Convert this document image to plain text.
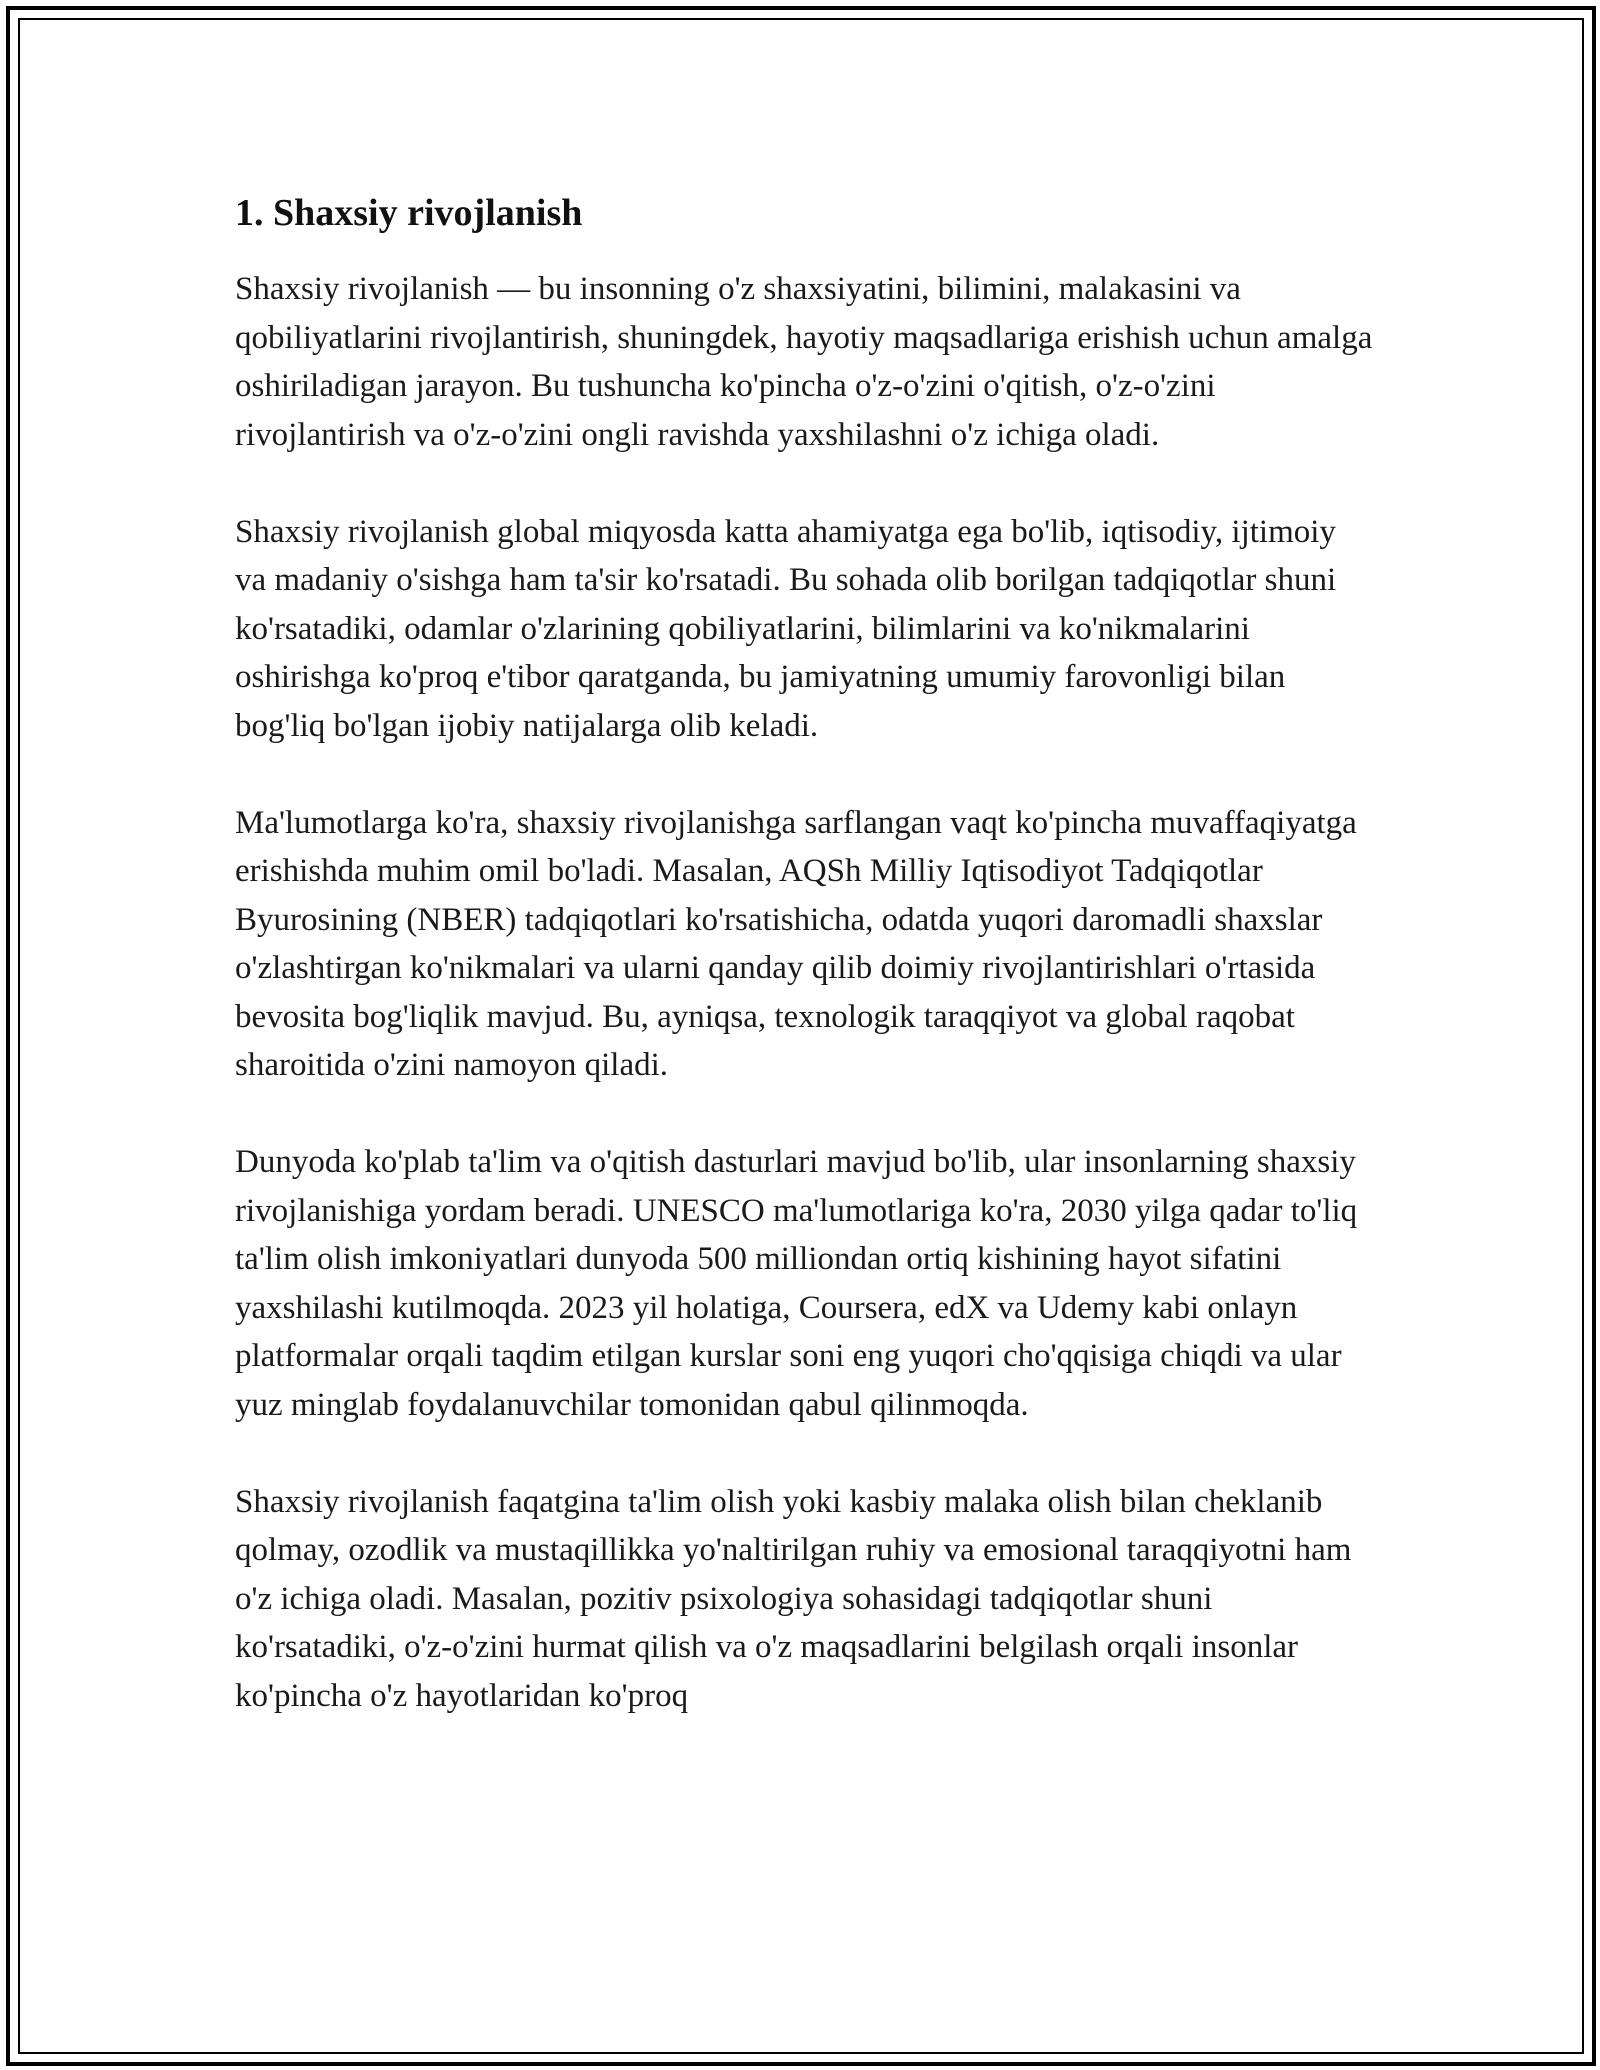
1. Shaxsiy rivojlanish

Shaxsiy rivojlanish — bu insonning o'z shaxsiyatini, bilimini, malakasini va qobiliyatlarini rivojlantirish, shuningdek, hayotiy maqsadlariga erishish uchun amalga oshiriladigan jarayon. Bu tushuncha ko'pincha o'z-o'zini o'qitish, o'z-o'zini rivojlantirish va o'z-o'zini ongli ravishda yaxshilashni o'z ichiga oladi.

Shaxsiy rivojlanish global miqyosda katta ahamiyatga ega bo'lib, iqtisodiy, ijtimoiy va madaniy o'sishga ham ta'sir ko'rsatadi. Bu sohada olib borilgan tadqiqotlar shuni ko'rsatadiki, odamlar o'zlarining qobiliyatlarini, bilimlarini va ko'nikmalarini oshirishga ko'proq e'tibor qaratganda, bu jamiyatning umumiy farovonligi bilan bog'liq bo'lgan ijobiy natijalarga olib keladi.

Ma'lumotlarga ko'ra, shaxsiy rivojlanishga sarflangan vaqt ko'pincha muvaffaqiyatga erishishda muhim omil bo'ladi. Masalan, AQSh Milliy Iqtisodiyot Tadqiqotlar Byurosining (NBER) tadqiqotlari ko'rsatishicha, odatda yuqori daromadli shaxslar o'zlashtirgan ko'nikmalari va ularni qanday qilib doimiy rivojlantirishlari o'rtasida bevosita bog'liqlik mavjud. Bu, ayniqsa, texnologik taraqqiyot va global raqobat sharoitida o'zini namoyon qiladi.

Dunyoda ko'plab ta'lim va o'qitish dasturlari mavjud bo'lib, ular insonlarning shaxsiy rivojlanishiga yordam beradi. UNESCO ma'lumotlariga ko'ra, 2030 yilga qadar to'liq ta'lim olish imkoniyatlari dunyoda 500 milliondan ortiq kishining hayot sifatini yaxshilashi kutilmoqda. 2023 yil holatiga, Coursera, edX va Udemy kabi onlayn platformalar orqali taqdim etilgan kurslar soni eng yuqori cho'qqisiga chiqdi va ular yuz minglab foydalanuvchilar tomonidan qabul qilinmoqda.

Shaxsiy rivojlanish faqatgina ta'lim olish yoki kasbiy malaka olish bilan cheklanib qolmay, ozodlik va mustaqillikka yo'naltirilgan ruhiy va emosional taraqqiyotni ham o'z ichiga oladi. Masalan, pozitiv psixologiya sohasidagi tadqiqotlar shuni ko'rsatadiki, o'z-o'zini hurmat qilish va o'z maqsadlarini belgilash orqali insonlar ko'pincha o'z hayotlaridan ko'proq
